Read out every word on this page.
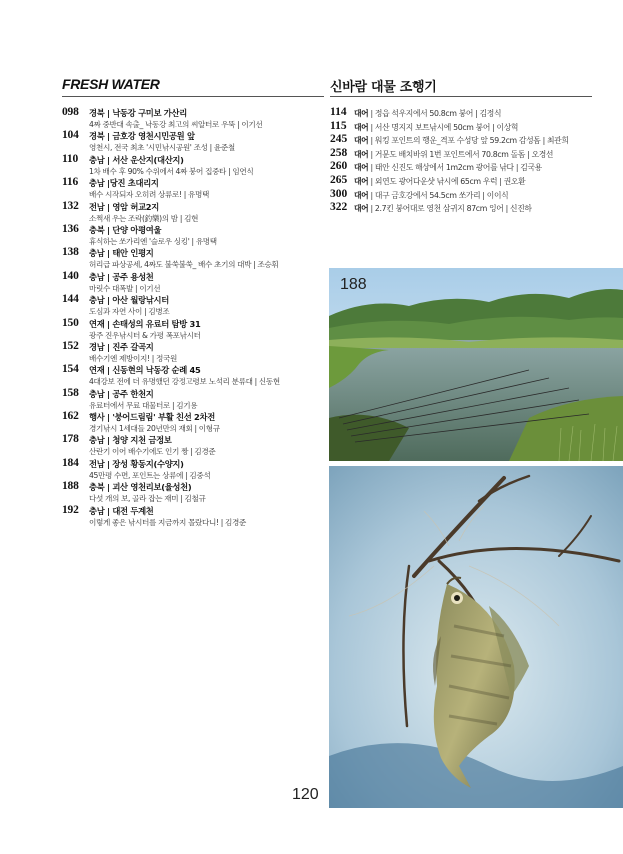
FRESH WATER
098 경북 | 낙동강 구미보 가산리
4짜 중반대 속출_ 낙동강 최고의 씨알터로 우뚝 | 이기선
104 경북 | 금호강 영천시민공원 앞
영천시, 전국 최초 '시민낚시공원' 조성 | 윤준철
110 충남 | 서산 운산지(대산지)
1차 배수 후 90% 수위에서 4짜 붕어 집중타 | 임연식
116 충남 |당진 초대리지
배수 시작되자 오히려 상류로! | 유명택
132 전남 | 영암 허교2지
소쩍새 우는 조락(釣樂)의 밤 | 김현
136 충북 | 단양 아평여울
휴식하는 쏘가리엔 '슬로우 싱킹' | 유명택
138 충남 | 태안 인평지
허리급 파상공세, 4짜도 불쑥불쑥_ 배수 초기의 대박 | 조승휘
140 충남 | 공주 용성천
마릿수 대폭발 | 이기선
144 충남 | 아산 월랑낚시터
도심과 자연 사이 | 김병조
150 연재 | 손태성의 유료터 탐방 31
광주 진우낚시터 & 가평 폭포낚시터
152 경남 | 진주 갈곡지
배수기엔 제방이지! | 정국원
154 연재 | 신동현의 낙동강 순례 45
4대강보 전에 더 유명했던 강정고령보 노석리 분류대 | 신동현
158 충남 | 공주 한천지
유료터에서 무료 대물터로 | 김기용
162 행사 | '붕어드림림' 부활 친선 2차전
경기낚시 1세대들 20년만의 재회 | 이형규
178 충남 | 청양 지천 금정보
산란기 이어 배수기에도 인기 짱 | 김경준
184 전남 | 장성 황동지(수양지)
45만평 수면, 포인트는 상류에 | 김중석
188 충북 | 괴산 영천리보(율성천)
다섯 개의 보, 골라 잡는 재미 | 김철규
192 충남 | 대전 두계천
이렇게 좋은 낚시터를 지금까지 몰랐다니! | 김경준
신바람 대물 조행기
114 대어 | 정읍 석우지에서 50.8cm 붕어 | 김정식
115 대어 | 서산 명지지 보트낚시에 50cm 붕어 | 이상혁
245 대어 | 워킹 포인트의 행운_격포 수성당 앞 59.2cm 감성돔 | 최관희
258 대어 | 거문도 배치바위 1번 포인트에서 70.8cm 돌돔 | 오경선
260 대어 | 태안 신진도 해상에서 1m2cm 광어를 낚다 | 김국용
265 대어 | 외연도 광어다운샷 낚시에 65cm 우럭 | 권오환
300 대어 | 대구 금호강에서 54.5cm 쏘가리 | 이이식
322 대어 | 2.7킨 붕어대로 영천 삼귀지 87cm 잉어 | 신진하
188
120
